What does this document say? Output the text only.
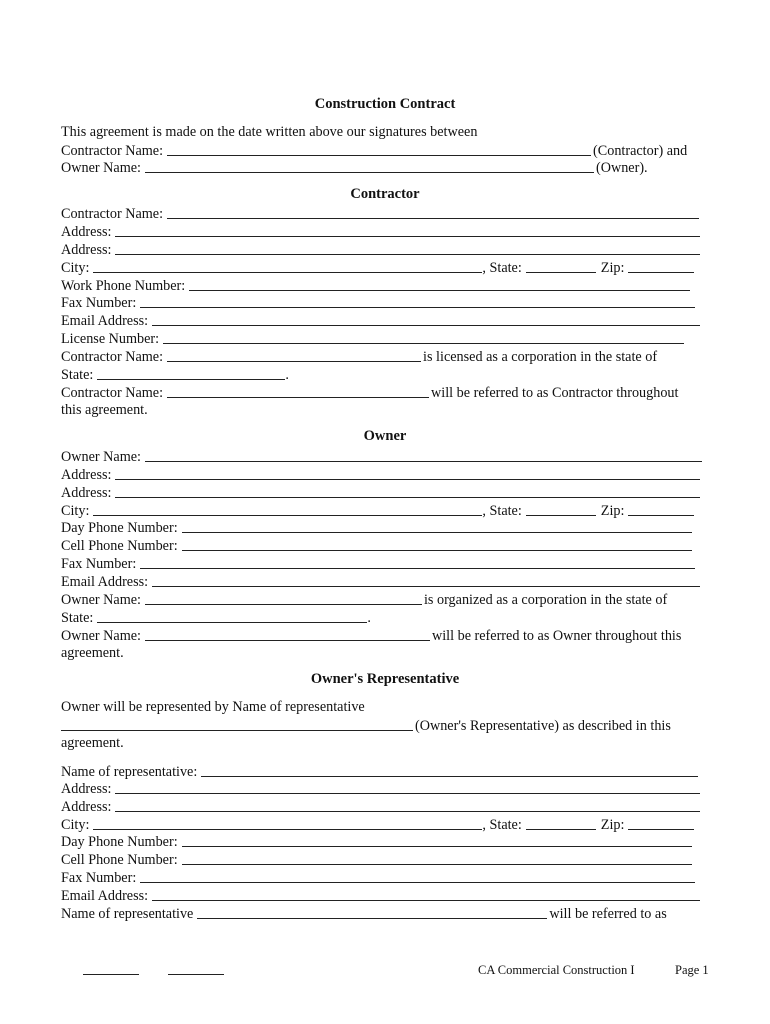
Construction Contract
This agreement is made on the date written above our signatures between
Contractor Name:	(Contractor) and
Owner Name:	(Owner).
Contractor
Contractor Name:
Address:
Address:
City:	, State:	Zip:
Work Phone Number:
Fax Number:
Email Address:
License Number:
Contractor Name:	is licensed as a corporation in the state of
State:	.
Contractor Name:	will be referred to as Contractor throughout
this agreement.
Owner
Owner Name:
Address:
Address:
City:	, State:	Zip:
Day Phone Number:
Cell Phone Number:
Fax Number:
Email Address:
Owner Name:	is organized as a corporation in the state of
State:	.
Owner Name:	will be referred to as Owner throughout this
agreement.
Owner's Representative
Owner will be represented by Name of representative
(Owner's Representative) as described in this
agreement.
Name of representative:
Address:
Address:
City:	, State:	Zip:
Day Phone Number:
Cell Phone Number:
Fax Number:
Email Address:
Name of representative	will be referred to as
CA Commercial Construction I	Page 1
